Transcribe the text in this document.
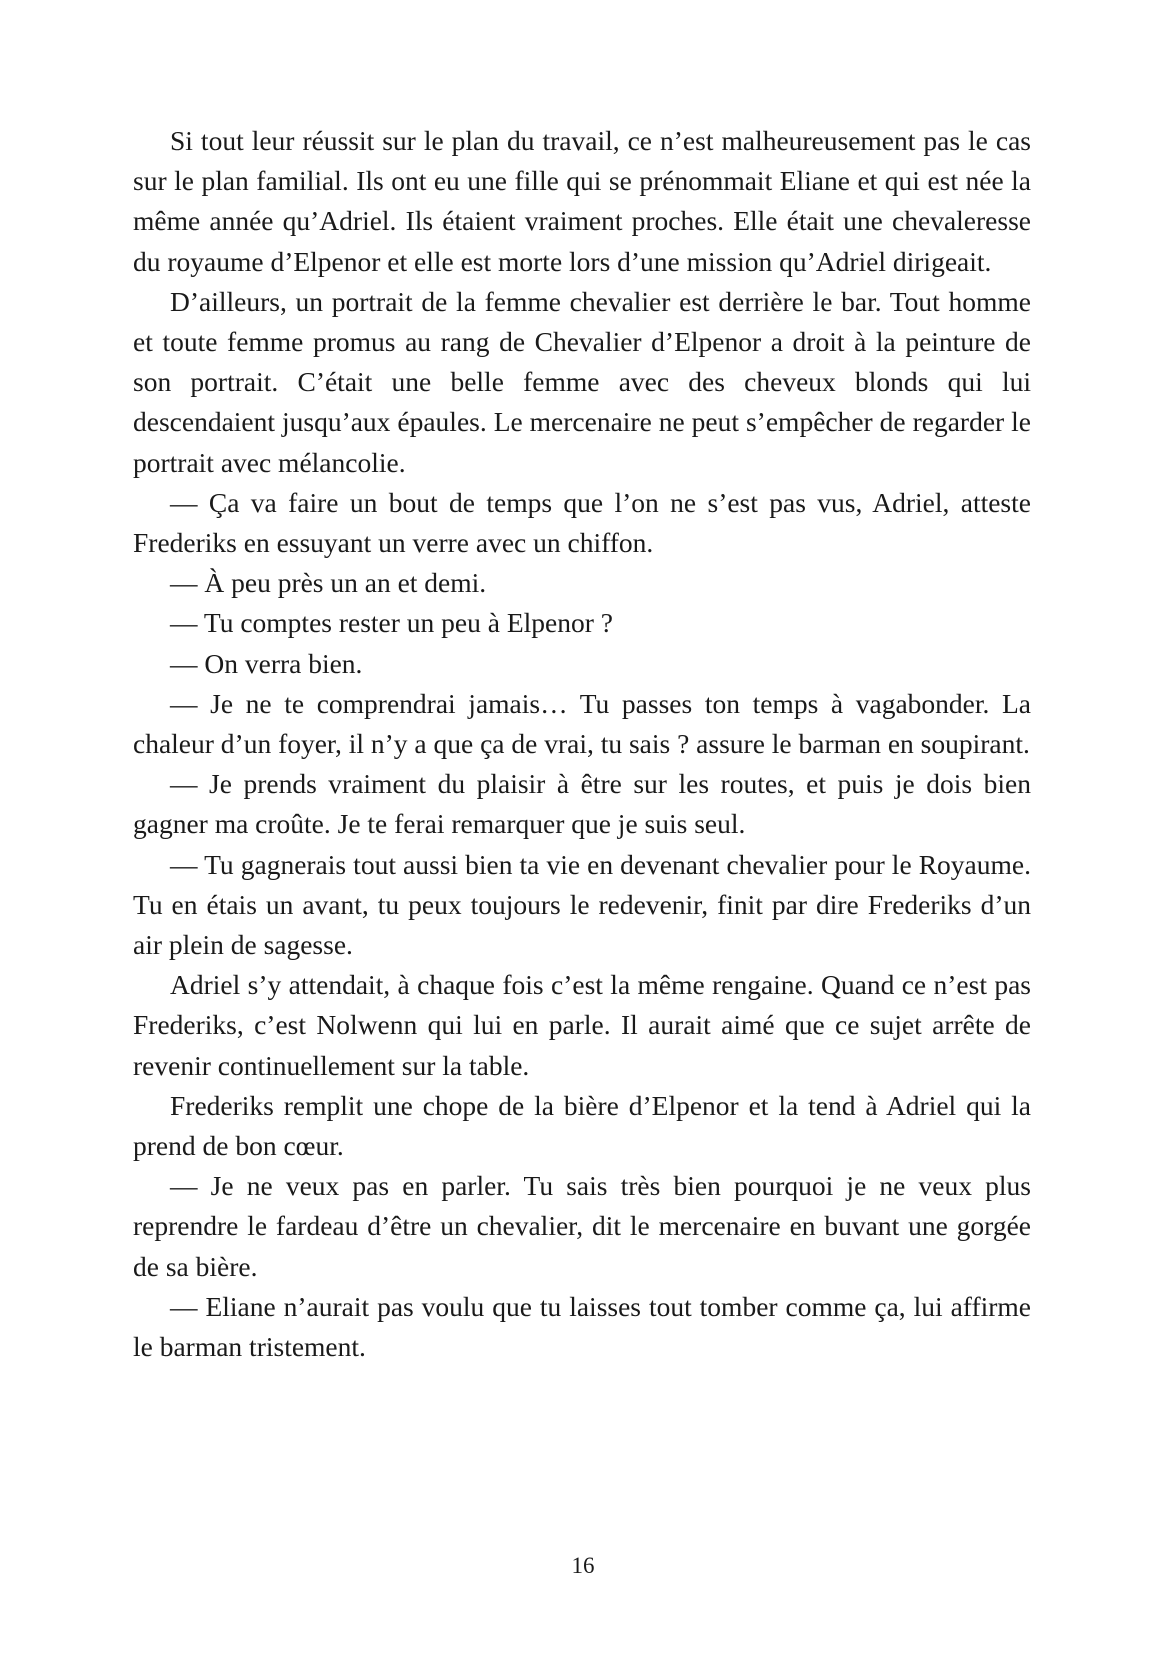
Si tout leur réussit sur le plan du travail, ce n’est malheureusement pas le cas sur le plan familial. Ils ont eu une fille qui se prénommait Eliane et qui est née la même année qu’Adriel. Ils étaient vraiment proches. Elle était une chevaleresse du royaume d’Elpenor et elle est morte lors d’une mission qu’Adriel dirigeait.

D’ailleurs, un portrait de la femme chevalier est derrière le bar. Tout homme et toute femme promus au rang de Chevalier d’Elpenor a droit à la peinture de son portrait. C’était une belle femme avec des cheveux blonds qui lui descendaient jusqu’aux épaules. Le mercenaire ne peut s’empêcher de regarder le portrait avec mélancolie.

— Ça va faire un bout de temps que l’on ne s’est pas vus, Adriel, atteste Frederiks en essuyant un verre avec un chiffon.

— À peu près un an et demi.

— Tu comptes rester un peu à Elpenor ?

— On verra bien.

— Je ne te comprendrai jamais… Tu passes ton temps à vagabonder. La chaleur d’un foyer, il n’y a que ça de vrai, tu sais ? assure le barman en soupirant.

— Je prends vraiment du plaisir à être sur les routes, et puis je dois bien gagner ma croûte. Je te ferai remarquer que je suis seul.

— Tu gagnerais tout aussi bien ta vie en devenant chevalier pour le Royaume. Tu en étais un avant, tu peux toujours le redevenir, finit par dire Frederiks d’un air plein de sagesse.

Adriel s’y attendait, à chaque fois c’est la même rengaine. Quand ce n’est pas Frederiks, c’est Nolwenn qui lui en parle. Il aurait aimé que ce sujet arrête de revenir continuellement sur la table.

Frederiks remplit une chope de la bière d’Elpenor et la tend à Adriel qui la prend de bon cœur.

— Je ne veux pas en parler. Tu sais très bien pourquoi je ne veux plus reprendre le fardeau d’être un chevalier, dit le mercenaire en buvant une gorgée de sa bière.

— Eliane n’aurait pas voulu que tu laisses tout tomber comme ça, lui affirme le barman tristement.

16
